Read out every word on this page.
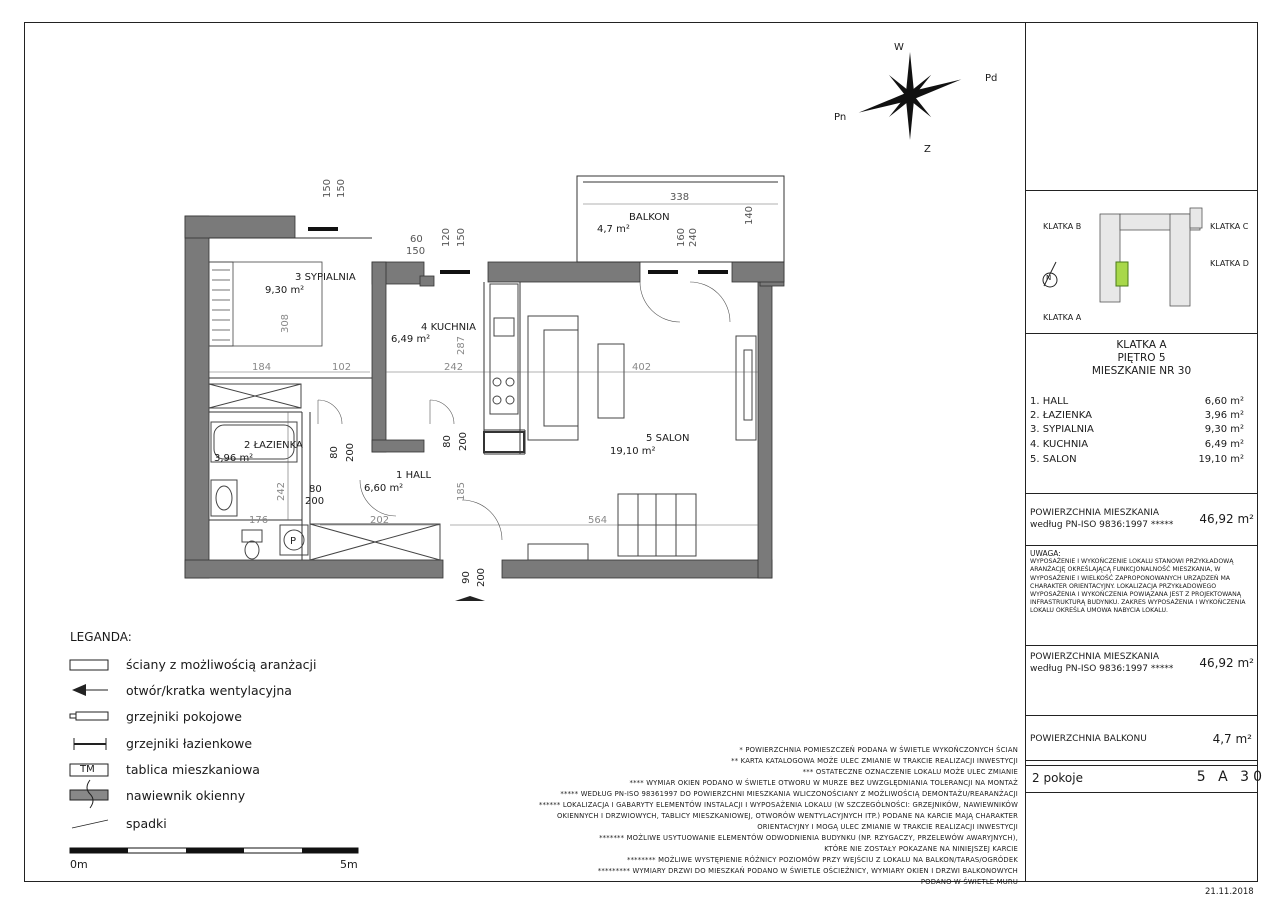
P
W
Pd
Pn
Z
3 SYPIALNIA
9,30 m²
4 KUCHNIA
6,49 m²
2 ŁAZIENKA
3,96 m²
1 HALL
6,60 m²
5 SALON
19,10 m²
BALKON
4,7 m²
338
140
160 240
150 150
60
150
120 150
308
184	102	242
287
402
80 200
80 200
80
200
242
176	202
185
564
90 200
LEGANDA:
ściany z możliwością aranżacji
otwór/kratka wentylacyjna
grzejniki pokojowe
grzejniki łazienkowe
tablica mieszkaniowa
TM
nawiewnik okienny
spadki
0m	5m
* POWIERZCHNIA POMIESZCZEŃ PODANA W ŚWIETLE WYKOŃCZONYCH ŚCIAN
** KARTA KATALOGOWA MOŻE ULEC ZMIANIE W TRAKCIE REALIZACJI INWESTYCJI
*** OSTATECZNE OZNACZENIE LOKALU MOŻE ULEC ZMIANIE
**** WYMIAR OKIEN PODANO W ŚWIETLE OTWORU W MURZE BEZ UWZGLĘDNIANIA TOLERANCJI NA MONTAŻ
***** WEDŁUG PN-ISO 98361997 DO POWIERZCHNI MIESZKANIA WLICZONOŚCIANY Z MOŻLIWOŚCIĄ DEMONTAŻU/REARANŻACJI
****** LOKALIZACJA I GABARYTY ELEMENTÓW INSTALACJI I WYPOSAŻENIA LOKALU (W SZCZEGÓLNOŚCI: GRZEJNIKÓW, NAWIEWNIKÓW
OKIENNYCH I DRZWIOWYCH, TABLICY MIESZKANIOWEJ, OTWORÓW WENTYLACYJNYCH ITP.) PODANE NA KARCIE MAJĄ CHARAKTER
ORIENTACYJNY I MOGĄ ULEC ZMIANIE W TRAKCIE REALIZACJI INWESTYCJI
******* MOŻLIWE USYTUOWANIE ELEMENTÓW ODWODNIENIA BUDYNKU (NP. RZYGACZY, PRZELEWÓW AWARYJNYCH),
KTÓRE NIE ZOSTAŁY POKAZANE NA NINIEJSZEJ KARCIE
******** MOŻLIWE WYSTĘPIENIE RÓŻNICY POZIOMÓW PRZY WEJŚCIU Z LOKALU NA BALKON/TARAS/OGRÓDEK
********* WYMIARY DRZWI DO MIESZKAŃ PODANO W ŚWIETLE OŚCIEŻNICY, WYMIARY OKIEN I DRZWI BALKONOWYCH
PODANO W ŚWIETLE MURU
KLATKA B	KLATKA C
KLATKA D
KLATKA A
N
KLATKA A
PIĘTRO 5
MIESZKANIE NR 30
1. HALL	6,60 m²
2. ŁAZIENKA	3,96 m²
3. SYPIALNIA	9,30 m²
4. KUCHNIA	6,49 m²
5. SALON	19,10 m²
POWIERZCHNIA MIESZKANIA
według PN-ISO 9836:1997 ***** 46,92 m²
UWAGA:
WYPOSAŻENIE I WYKOŃCZENIE LOKALU STANOWI PRZYKŁADOWĄ ARANŻACJĘ OKREŚLAJĄCĄ FUNKCJONALNOŚĆ MIESZKANIA, W WYPOSAŻENIE I WIELKOŚĆ ZAPROPONOWANYCH URZĄDZEŃ MA CHARAKTER ORIENTACYJNY. LOKALIZACJA PRZYKŁADOWEGO WYPOSAŻENIA I WYKOŃCZENIA POWIĄZANA JEST Z PROJEKTOWANĄ INFRASTRUKTURĄ BUDYNKU. ZAKRES WYPOSAŻENIA I WYKOŃCZENIA LOKALU OKREŚLA UMOWA NABYCIA LOKALU.
POWIERZCHNIA MIESZKANIA
według PN-ISO 9836:1997 ***** 46,92 m²
POWIERZCHNIA BALKONU	4,7 m²
2 pokoje	5 A 30
21.11.2018
